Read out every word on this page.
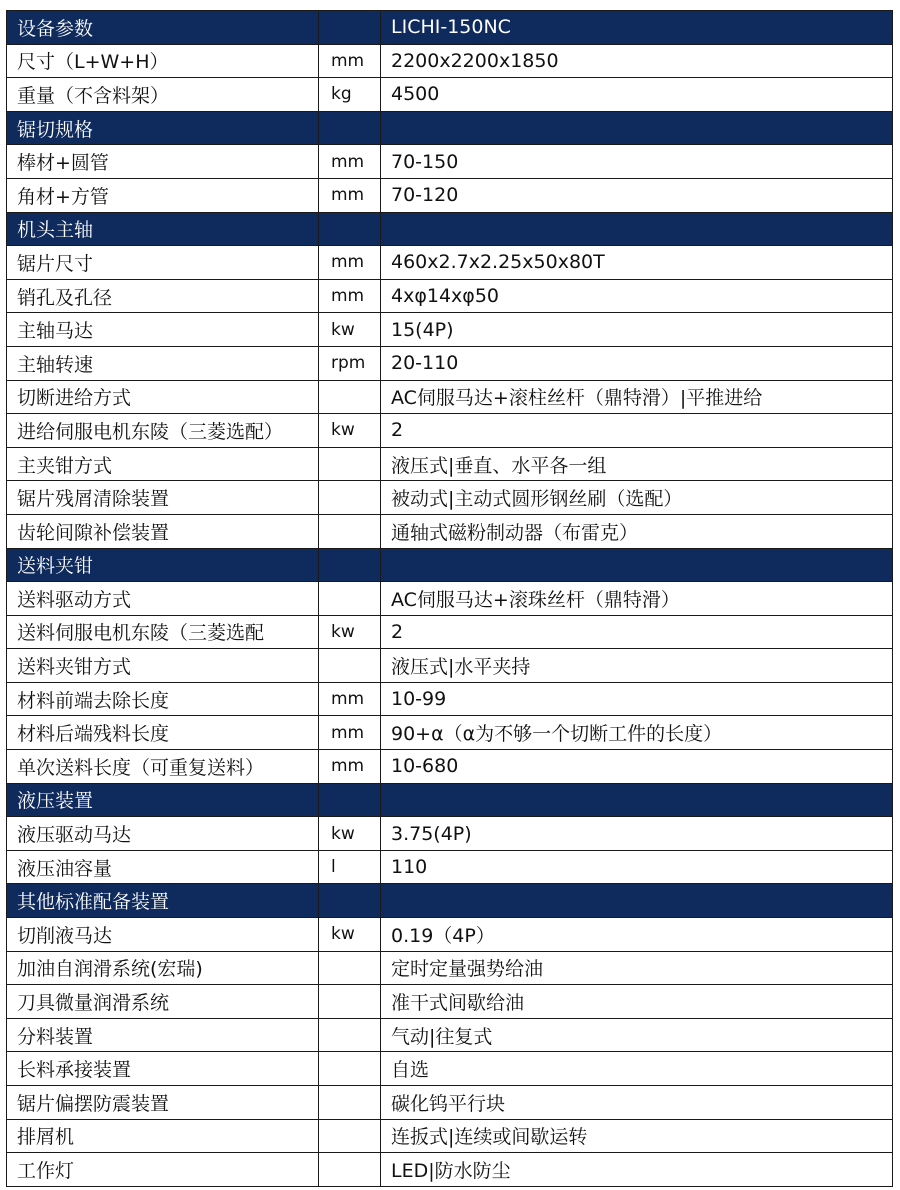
设备参数		LICHI-150NC
尺寸（L+W+H）	mm	2200x2200x1850
重量（不含料架）	kg	4500
锯切规格		
棒材+圆管	mm	70-150
角材+方管	mm	70-120
机头主轴		
锯片尺寸	mm	460x2.7x2.25x50x80T
销孔及孔径	mm	4xφ14xφ50
主轴马达	kw	15(4P)
主轴转速	rpm	20-110
切断进给方式		AC伺服马达+滚柱丝杆（鼎特滑）|平推进给
进给伺服电机东陵（三菱选配）	kw	2
主夹钳方式		液压式|垂直、水平各一组
锯片残屑清除装置		被动式|主动式圆形钢丝刷（选配）
齿轮间隙补偿装置		通轴式磁粉制动器（布雷克）
送料夹钳		
送料驱动方式		AC伺服马达+滚珠丝杆（鼎特滑）
送料伺服电机东陵（三菱选配	kw	2
送料夹钳方式		液压式|水平夹持
材料前端去除长度	mm	10-99
材料后端残料长度	mm	90+α（α为不够一个切断工件的长度）
单次送料长度（可重复送料）	mm	10-680
液压装置		
液压驱动马达	kw	3.75(4P)
液压油容量	l	110
其他标准配备装置		
切削液马达	kw	0.19（4P）
加油自润滑系统(宏瑞)		定时定量强势给油
刀具微量润滑系统		准干式间歇给油
分料装置		气动|往复式
长料承接装置		自选
锯片偏摆防震装置		碳化钨平行块
排屑机		连扳式|连续或间歇运转
工作灯		LED|防水防尘
